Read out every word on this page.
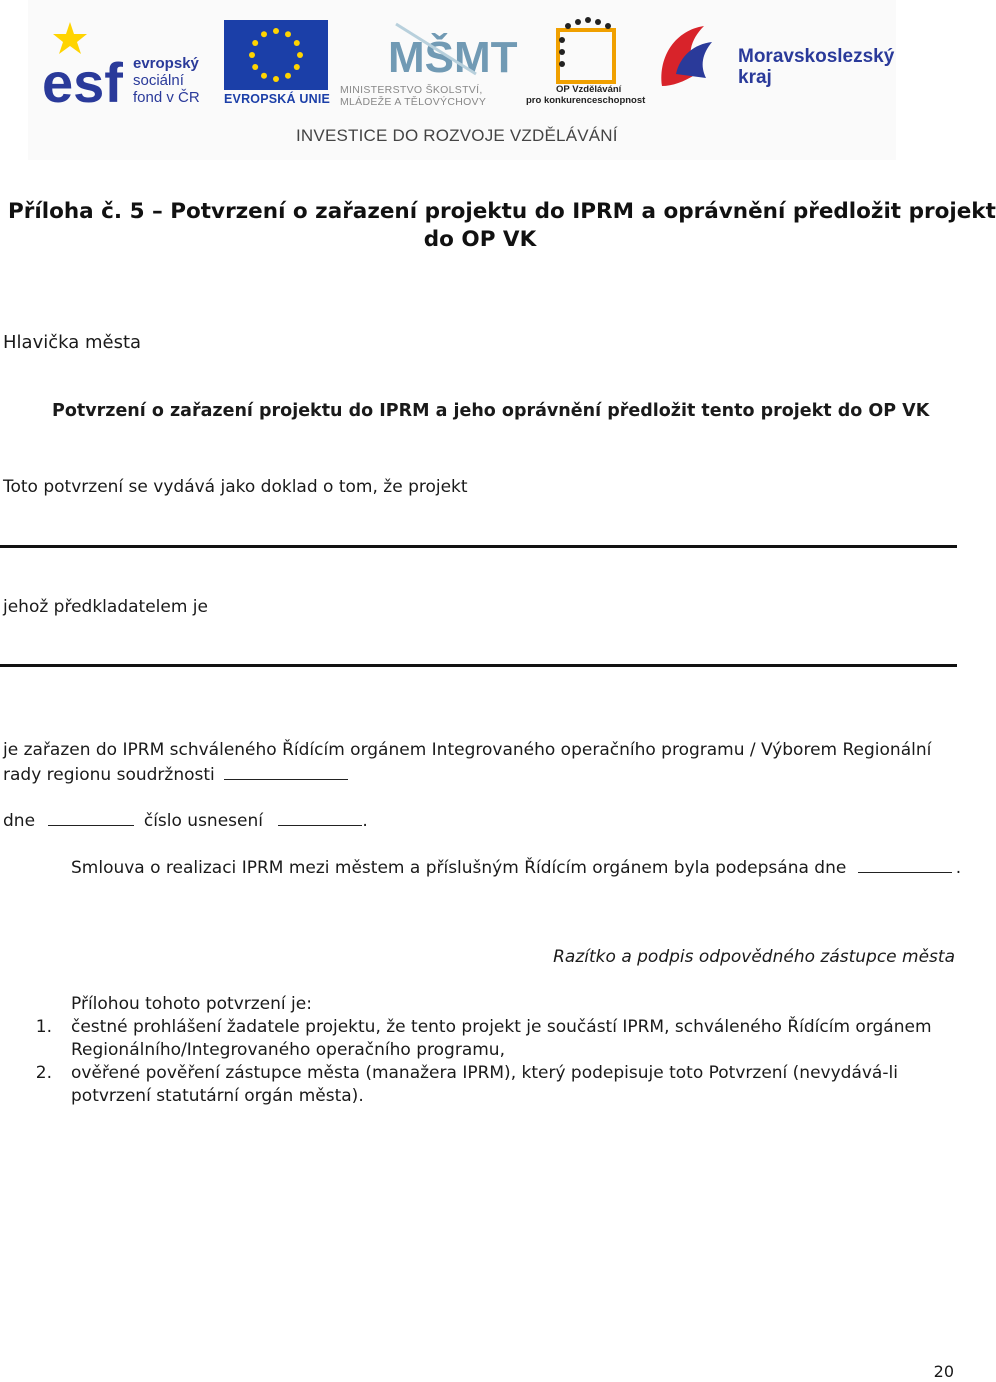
esf evropský
sociální
fond v ČR EVROPSKÁ UNIE
MŠMT
MINISTERSTVO ŠKOLSTVÍ,
MLÁDEŽE A TĚLOVÝCHOVY
OP Vzdělávání
pro konkurenceschopnost
Moravskoslezský
kraj
INVESTICE DO ROZVOJE VZDĚLÁVÁNÍ
Příloha č. 5 – Potvrzení o zařazení projektu do IPRM a oprávnění předložit projekt
do OP VK
Hlavička města
Potvrzení o zařazení projektu do IPRM a jeho oprávnění předložit tento projekt do OP VK
Toto potvrzení se vydává jako doklad o tom, že projekt
jehož předkladatelem je
je zařazen do IPRM schváleného Řídícím orgánem Integrovaného operačního programu / Výborem Regionální
rady regionu soudržnosti
dne	číslo usnesení	.
Smlouva o realizaci IPRM mezi městem a příslušným Řídícím orgánem byla podepsána dne	.
Razítko a podpis odpovědného zástupce města
Přílohou tohoto potvrzení je:
1. čestné prohlášení žadatele projektu, že tento projekt je součástí IPRM, schváleného Řídícím orgánem
Regionálního/Integrovaného operačního programu,
2. ověřené pověření zástupce města (manažera IPRM), který podepisuje toto Potvrzení (nevydává-li
potvrzení statutární orgán města).
20
